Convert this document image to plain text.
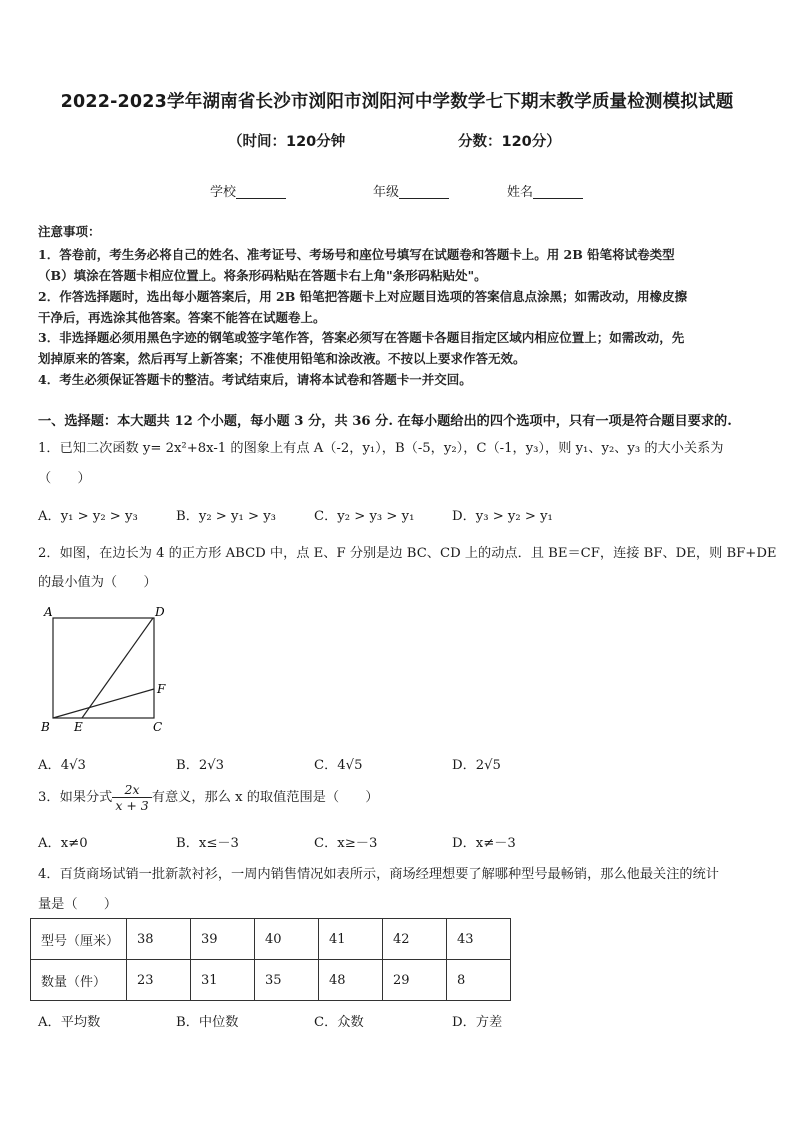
2022-2023学年湖南省长沙市浏阳市浏阳河中学数学七下期末教学质量检测模拟试题
（时间：120分钟	分数：120分）
学校	年级	姓名
注意事项：
1．答卷前，考生务必将自己的姓名、准考证号、考场号和座位号填写在试题卷和答题卡上。用 2B 铅笔将试卷类型
（B）填涂在答题卡相应位置上。将条形码粘贴在答题卡右上角"条形码粘贴处"。
2．作答选择题时，选出每小题答案后，用 2B 铅笔把答题卡上对应题目选项的答案信息点涂黑；如需改动，用橡皮擦
干净后，再选涂其他答案。答案不能答在试题卷上。
3．非选择题必须用黑色字迹的钢笔或签字笔作答，答案必须写在答题卡各题目指定区域内相应位置上；如需改动，先
划掉原来的答案，然后再写上新答案；不准使用铅笔和涂改液。不按以上要求作答无效。
4．考生必须保证答题卡的整洁。考试结束后，请将本试卷和答题卡一并交回。
一、选择题：本大题共 12 个小题，每小题 3 分，共 36 分. 在每小题给出的四个选项中，只有一项是符合题目要求的.
1．已知二次函数 y= 2x²+8x-1 的图象上有点 A（-2，y₁），B（-5，y₂），C（-1，y₃），则 y₁、y₂、y₃ 的大小关系为
（　　）
A．y₁ > y₂ > y₃	B．y₂ > y₁ > y₃	C．y₂ > y₃ > y₁	D．y₃ > y₂ > y₁
2．如图，在边长为 4 的正方形 ABCD 中，点 E、F 分别是边 BC、CD 上的动点．且 BE＝CF，连接 BF、DE，则 BF+DE
的最小值为（　　）
A	D
F
B E	C
A．4√3	B．2√3	C．4√5	D．2√5
3．如果分式 $\frac{2x}{x + 3}$ 有意义，那么 x 的取值范围是（　　）
A．x≠0	B．x≤－3	C．x≥－3	D．x≠－3
4．百货商场试销一批新款衬衫，一周内销售情况如表所示，商场经理想要了解哪种型号最畅销，那么他最关注的统计
量是（　　）
型号（厘米）	38	39	40	41	42	43
数量（件）	23	31	35	48	29	8
A．平均数	B．中位数	C．众数	D．方差
